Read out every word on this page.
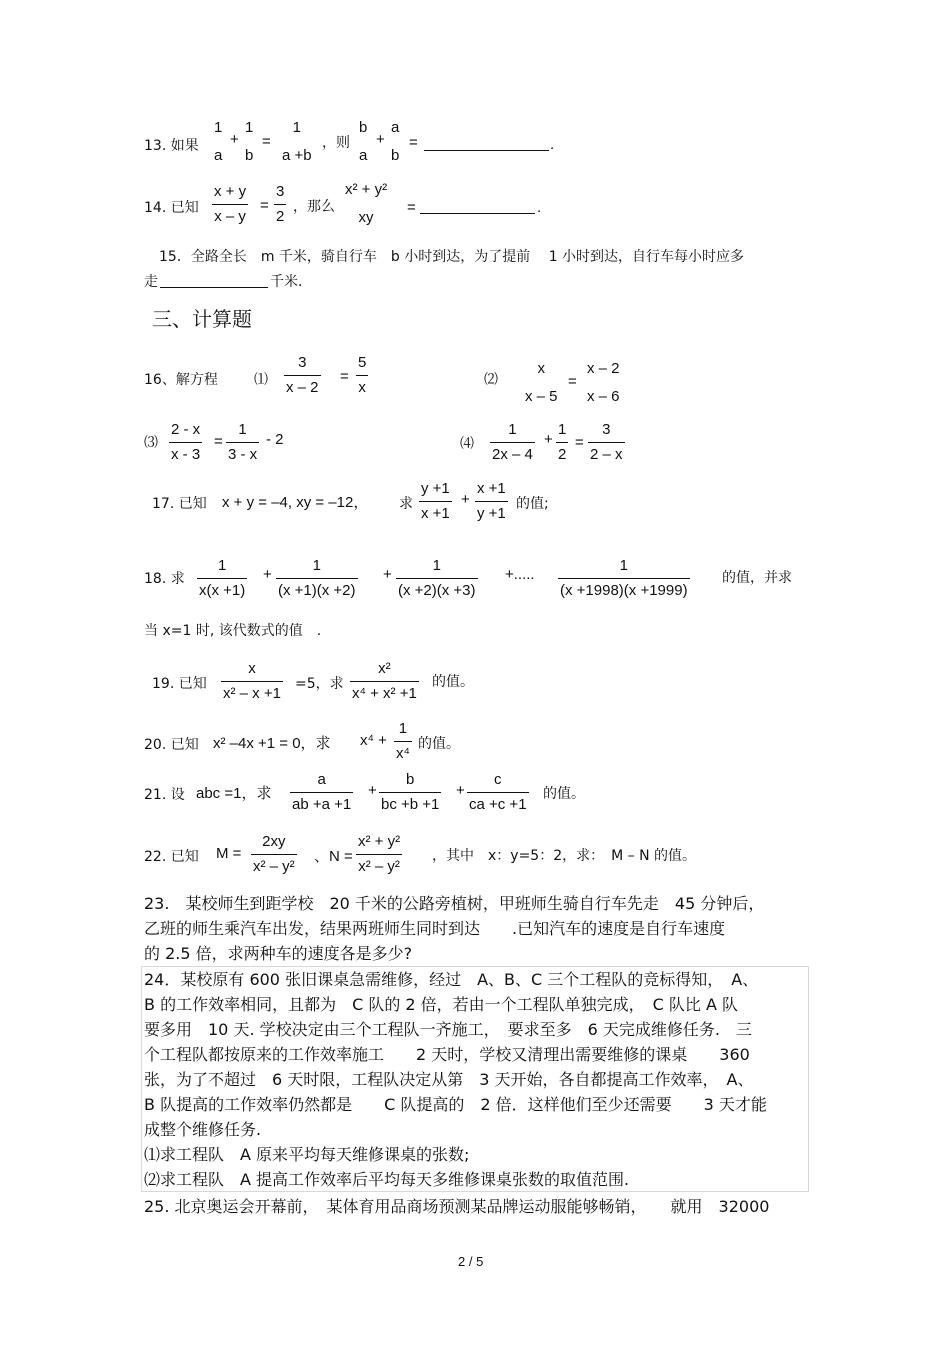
13. 如果
1
a
+
1
b
=
1
a +b
，则
b
a
+
a
b
=	.
14. 已知
x + y
x – y
=
3
2
，那么
x² + y²
xy
=	.
15．全路全长　m 千米，骑自行车　b 小时到达，为了提前　 1 小时到达，自行车每小时应多
走	千米．
三、计算题
16、解方程	⑴
3
x – 2
=
5
x	⑵
x
x – 5
=
x – 2
x – 6
⑶
2 - x
x - 3
=
1
3 - x
- 2	⑷
1
2x – 4
+
1
2
=
3
2 – x
17. 已知 x + y = –4, xy = –12， 求
y +1
x +1
+
x +1
y +1
的值;
18. 求
1
x(x +1)
+
1
(x +1)(x +2)
+
1
(x +2)(x +3)
+.....
1
(x +1998)(x +1999)
的值，并求
当 x=1 时, 该代数式的值　.
19. 已知
x
x² – x +1
=5，求
x²
x⁴ + x² +1
的值。
20. 已知 x² –4x +1 = 0，求 x⁴ +
1
x⁴
的值。
21. 设 abc =1，求
a
ab +a +1
+
b
bc +b +1
+
c
ca +c +1
的值。
22. 已知 M =
2xy
x² – y²
、N =
x² + y²
x² – y²
，其中　x：y=5：2，求：　M – N 的值。
23.　某校师生到距学校　20 千米的公路旁植树，甲班师生骑自行车先走　45 分钟后，
乙班的师生乘汽车出发，结果两班师生同时到达　　.已知汽车的速度是自行车速度
的 2.5 倍，求两种车的速度各是多少?
24．某校原有 600 张旧课桌急需维修，经过　A、B、C 三个工程队的竞标得知，　A、
B 的工作效率相同，且都为　C 队的 2 倍，若由一个工程队单独完成，　C 队比 A 队
要多用　10 天. 学校决定由三个工程队一齐施工，　要求至多　6 天完成维修任务.　三
个工程队都按原来的工作效率施工　　2 天时，学校又清理出需要维修的课桌　　360
张，为了不超过　6 天时限，工程队决定从第　3 天开始，各自都提高工作效率，　A、
B 队提高的工作效率仍然都是　　C 队提高的　2 倍．这样他们至少还需要　　3 天才能
成整个维修任务.
⑴求工程队　A 原来平均每天维修课桌的张数;
⑵求工程队　A 提高工作效率后平均每天多维修课桌张数的取值范围.
25. 北京奥运会开幕前，　某体育用品商场预测某品牌运动服能够畅销，　　就用　32000
2 / 5
